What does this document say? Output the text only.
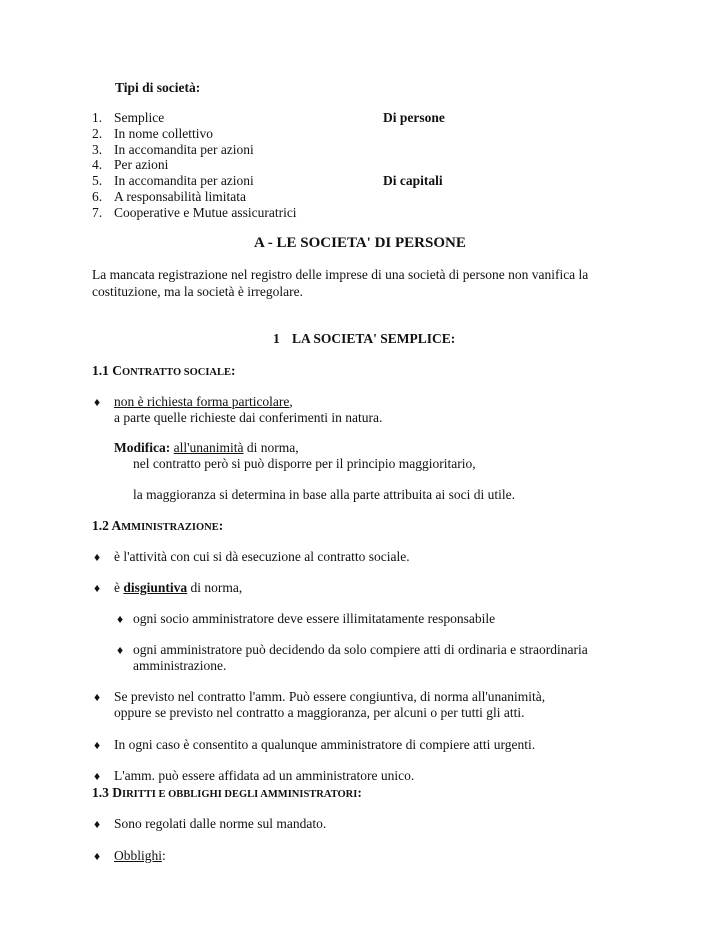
Tipi di società:
1. Semplice
2. In nome collettivo
3. In accomandita per azioni
4. Per azioni
5. In accomandita per azioni
6. A responsabilità limitata
7. Cooperative e Mutue assicuratrici
Di persone
Di capitali
A - LE SOCIETA' DI PERSONE
La mancata registrazione nel registro delle imprese di una società di persone non vanifica la
costituzione, ma la società è irregolare.
1 LA SOCIETA' SEMPLICE:
1.1 CONTRATTO SOCIALE:
♦ non è richiesta forma particolare,
a parte quelle richieste dai conferimenti in natura.
Modifica: all'unanimità di norma,
nel contratto però si può disporre per il principio maggioritario,
la maggioranza si determina in base alla parte attribuita ai soci di utile.
1.2 AMMINISTRAZIONE:
♦ è l'attività con cui si dà esecuzione al contratto sociale.
♦ è disgiuntiva di norma,
♦ ogni socio amministratore deve essere illimitatamente responsabile
♦ ogni amministratore può decidendo da solo compiere atti di ordinaria e straordinaria
amministrazione.
♦ Se previsto nel contratto l'amm. Può essere congiuntiva, di norma all'unanimità,
oppure se previsto nel contratto a maggioranza, per alcuni o per tutti gli atti.
♦ In ogni caso è consentito a qualunque amministratore di compiere atti urgenti.
♦ L'amm. può essere affidata ad un amministratore unico.
1.3 DIRITTI E OBBLIGHI DEGLI AMMINISTRATORI:
♦ Sono regolati dalle norme sul mandato.
♦ Obblighi:
